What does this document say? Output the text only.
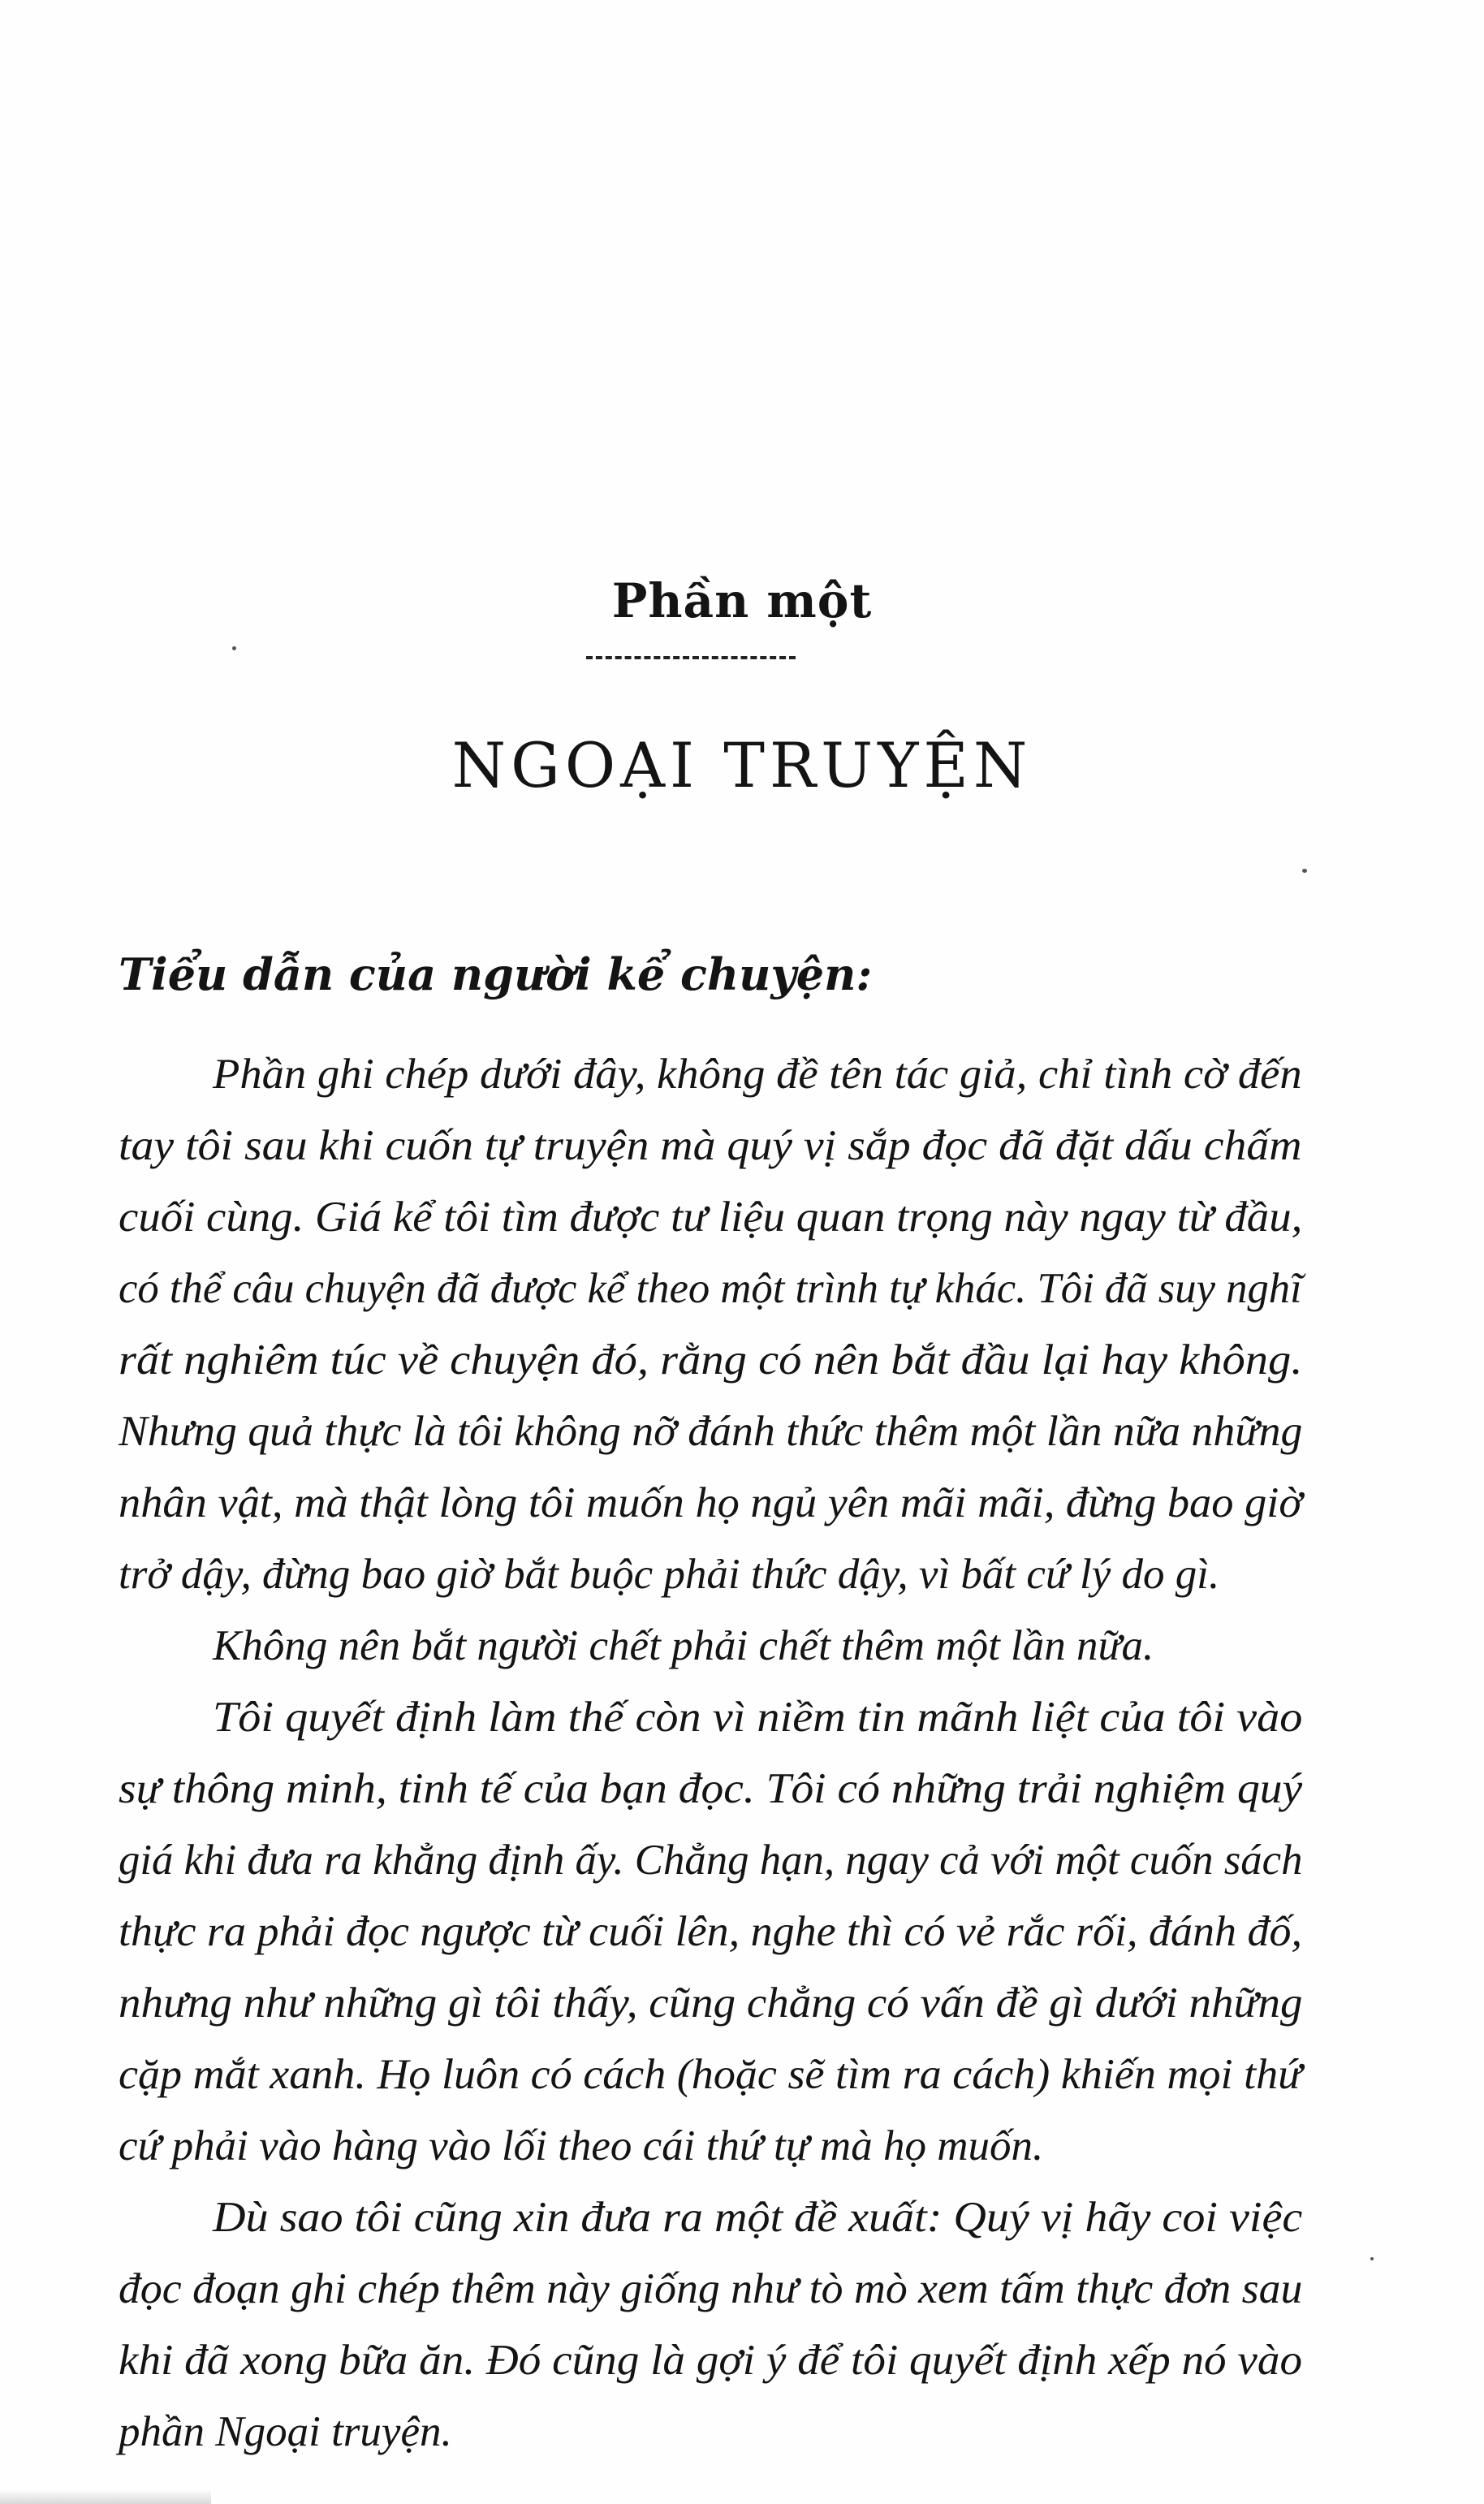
Phần một
NGOẠI TRUYỆN
Tiểu dẫn của người kể chuyện:
Phần ghi chép dưới đây, không đề tên tác giả, chỉ tình cờ đến
tay tôi sau khi cuốn tự truyện mà quý vị sắp đọc đã đặt dấu chấm
cuối cùng. Giá kể tôi tìm được tư liệu quan trọng này ngay từ đầu,
có thể câu chuyện đã được kể theo một trình tự khác. Tôi đã suy nghĩ
rất nghiêm túc về chuyện đó, rằng có nên bắt đầu lại hay không.
Nhưng quả thực là tôi không nỡ đánh thức thêm một lần nữa những
nhân vật, mà thật lòng tôi muốn họ ngủ yên mãi mãi, đừng bao giờ
trở dậy, đừng bao giờ bắt buộc phải thức dậy, vì bất cứ lý do gì.
Không nên bắt người chết phải chết thêm một lần nữa.
Tôi quyết định làm thế còn vì niềm tin mãnh liệt của tôi vào
sự thông minh, tinh tế của bạn đọc. Tôi có những trải nghiệm quý
giá khi đưa ra khẳng định ấy. Chẳng hạn, ngay cả với một cuốn sách
thực ra phải đọc ngược từ cuối lên, nghe thì có vẻ rắc rối, đánh đố,
nhưng như những gì tôi thấy, cũng chẳng có vấn đề gì dưới những
cặp mắt xanh. Họ luôn có cách (hoặc sẽ tìm ra cách) khiến mọi thứ
cứ phải vào hàng vào lối theo cái thứ tự mà họ muốn.
Dù sao tôi cũng xin đưa ra một đề xuất: Quý vị hãy coi việc
đọc đoạn ghi chép thêm này giống như tò mò xem tấm thực đơn sau
khi đã xong bữa ăn. Đó cũng là gợi ý để tôi quyết định xếp nó vào
phần Ngoại truyện.
